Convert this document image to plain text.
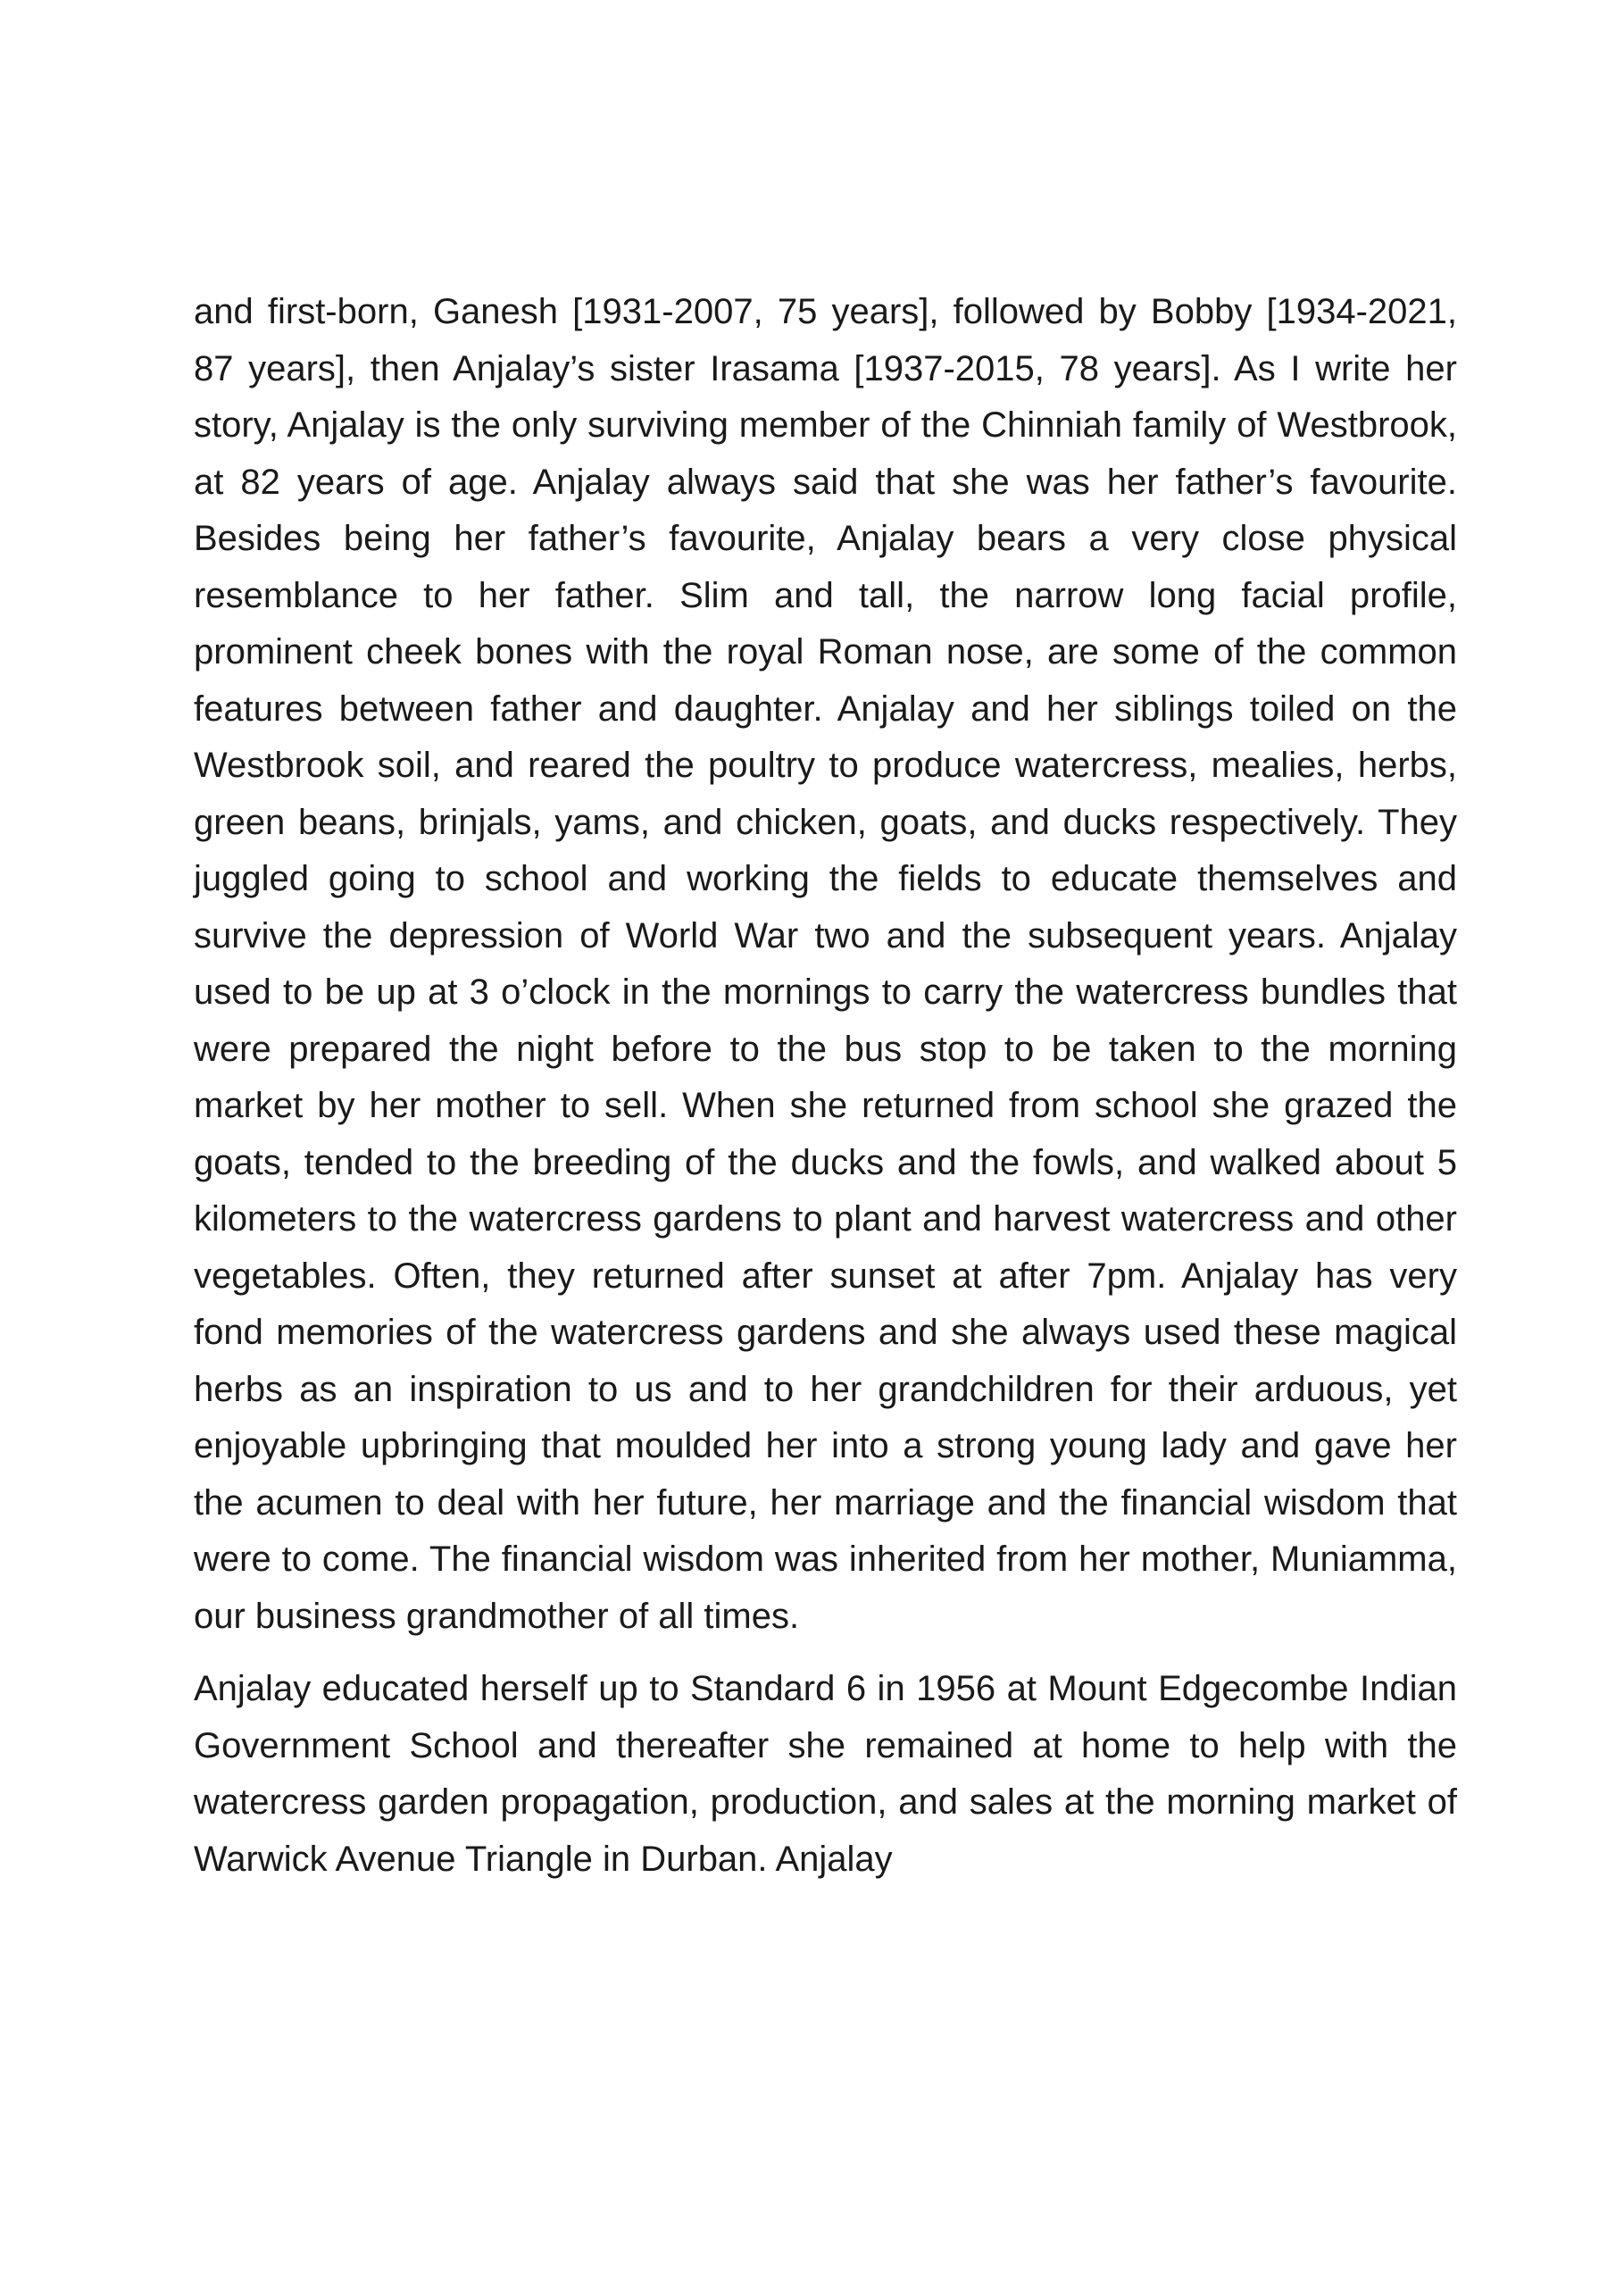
and first-born, Ganesh [1931-2007, 75 years], followed by Bobby [1934-2021, 87 years], then Anjalay’s sister Irasama [1937-2015, 78 years]. As I write her story, Anjalay is the only surviving member of the Chinniah family of Westbrook, at 82 years of age. Anjalay always said that she was her father’s favourite. Besides being her father’s favourite, Anjalay bears a very close physical resemblance to her father. Slim and tall, the narrow long facial profile, prominent cheek bones with the royal Roman nose, are some of the common features between father and daughter. Anjalay and her siblings toiled on the Westbrook soil, and reared the poultry to produce watercress, mealies, herbs, green beans, brinjals, yams, and chicken, goats, and ducks respectively. They juggled going to school and working the fields to educate themselves and survive the depression of World War two and the subsequent years. Anjalay used to be up at 3 o’clock in the mornings to carry the watercress bundles that were prepared the night before to the bus stop to be taken to the morning market by her mother to sell. When she returned from school she grazed the goats, tended to the breeding of the ducks and the fowls, and walked about 5 kilometers to the watercress gardens to plant and harvest watercress and other vegetables. Often, they returned after sunset at after 7pm. Anjalay has very fond memories of the watercress gardens and she always used these magical herbs as an inspiration to us and to her grandchildren for their arduous, yet enjoyable upbringing that moulded her into a strong young lady and gave her the acumen to deal with her future, her marriage and the financial wisdom that were to come. The financial wisdom was inherited from her mother, Muniamma, our business grandmother of all times.

Anjalay educated herself up to Standard 6 in 1956 at Mount Edgecombe Indian Government School and thereafter she remained at home to help with the watercress garden propagation, production, and sales at the morning market of Warwick Avenue Triangle in Durban. Anjalay
